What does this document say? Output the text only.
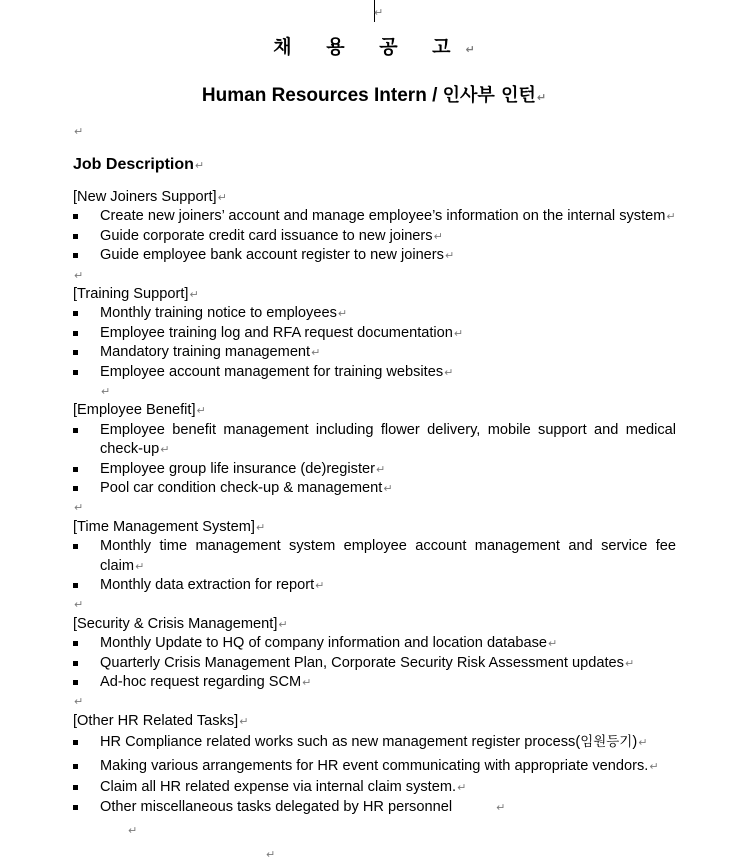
↵
채 용 공 고↵
Human Resources Intern / 인사부 인턴↵
↵
Job Description↵
[New Joiners Support]↵
Create new joiners’ account and manage employee’s information on the internal system↵
Guide corporate credit card issuance to new joiners↵
Guide employee bank account register to new joiners↵
↵
[Training Support]↵
Monthly training notice to employees↵
Employee training log and RFA request documentation↵
Mandatory training management↵
Employee account management for training websites↵
↵
[Employee Benefit]↵
Employee benefit management including flower delivery, mobile support and medical check-up↵
Employee group life insurance (de)register↵
Pool car condition check-up & management↵
↵
[Time Management System]↵
Monthly time management system employee account management and service fee claim↵
Monthly data extraction for report↵
↵
[Security & Crisis Management]↵
Monthly Update to HQ of company information and location database↵
Quarterly Crisis Management Plan, Corporate Security Risk Assessment updates↵
Ad-hoc request regarding SCM↵
↵
[Other HR Related Tasks]↵
HR Compliance related works such as new management register process(임원등기)↵
Making various arrangements for HR event communicating with appropriate vendors.↵
Claim all HR related expense via internal claim system.↵
Other miscellaneous tasks delegated by HR personnel	↵
↵
↵
